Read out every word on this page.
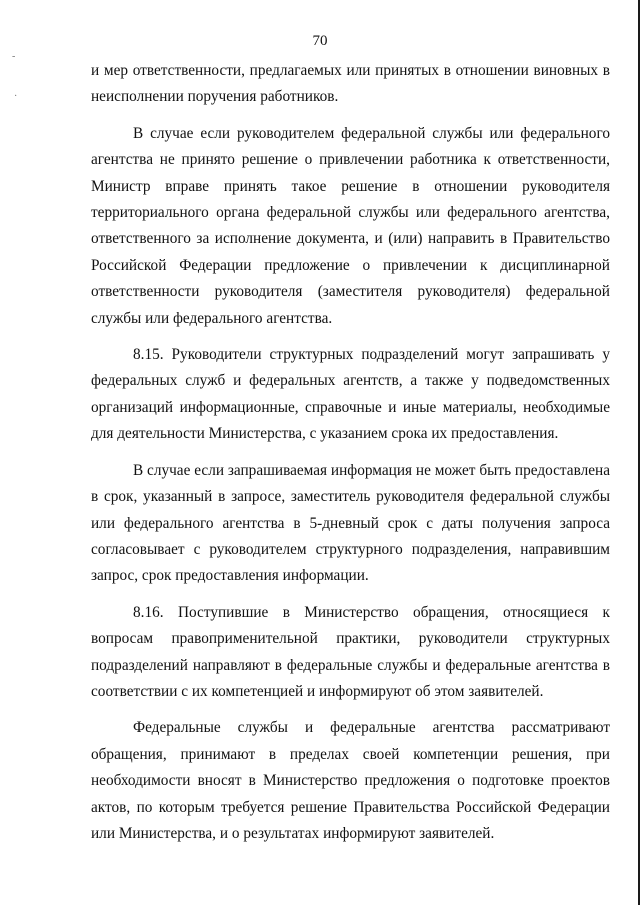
-
·
70

и мер ответственности, предлагаемых или принятых в отношении виновных в неисполнении поручения работников.

В случае если руководителем федеральной службы или федерального агентства не принято решение о привлечении работника к ответственности, Министр вправе принять такое решение в отношении руководителя территориального органа федеральной службы или федерального агентства, ответственного за исполнение документа, и (или) направить в Правительство Российской Федерации предложение о привлечении к дисциплинарной ответственности руководителя (заместителя руководителя) федеральной службы или федерального агентства.

8.15. Руководители структурных подразделений могут запрашивать у федеральных служб и федеральных агентств, а также у подведомственных организаций информационные, справочные и иные материалы, необходимые для деятельности Министерства, с указанием срока их предоставления.

В случае если запрашиваемая информация не может быть предоставлена в срок, указанный в запросе, заместитель руководителя федеральной службы или федерального агентства в 5-дневный срок с даты получения запроса согласовывает с руководителем структурного подразделения, направившим запрос, срок предоставления информации.

8.16. Поступившие в Министерство обращения, относящиеся к вопросам правоприменительной практики, руководители структурных подразделений направляют в федеральные службы и федеральные агентства в соответствии с их компетенцией и информируют об этом заявителей.

Федеральные службы и федеральные агентства рассматривают обращения, принимают в пределах своей компетенции решения, при необходимости вносят в Министерство предложения о подготовке проектов актов, по которым требуется решение Правительства Российской Федерации или Министерства, и о результатах информируют заявителей.
